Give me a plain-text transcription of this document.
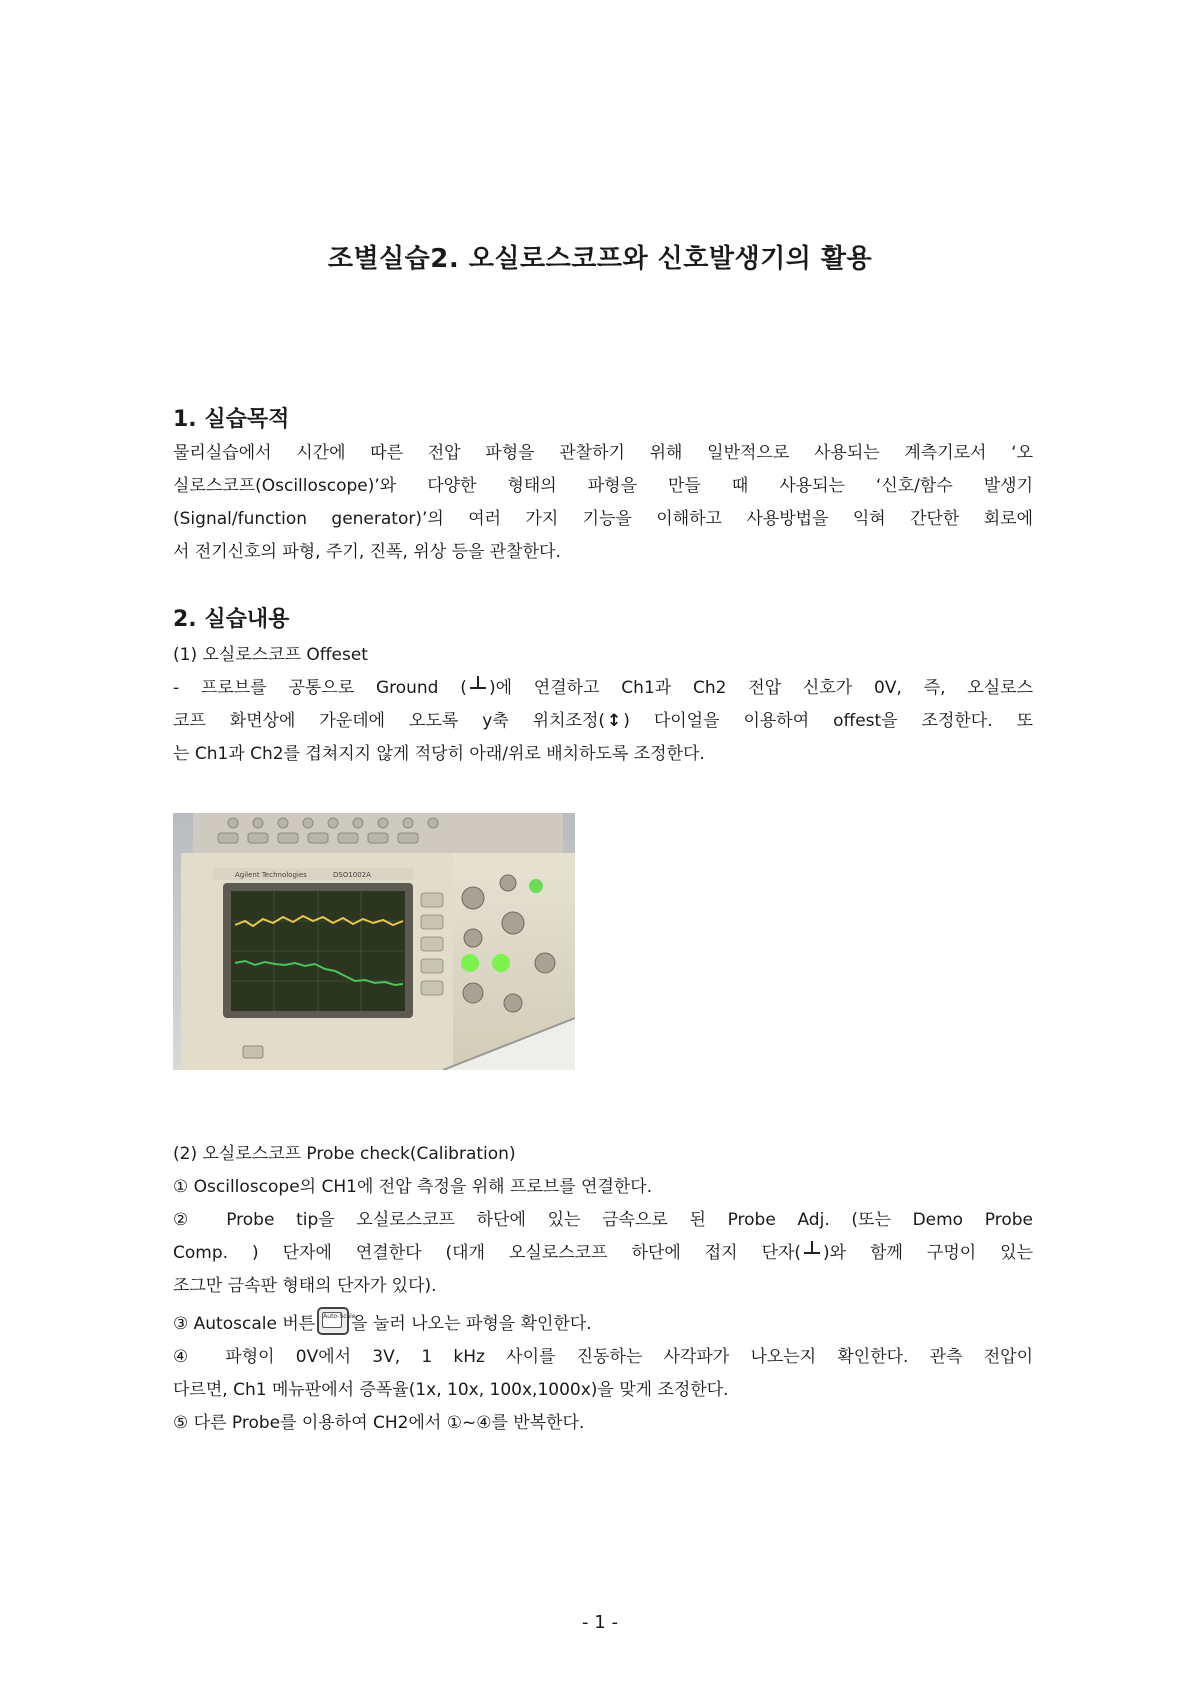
조별실습2. 오실로스코프와 신호발생기의 활용
1. 실습목적
물리실습에서 시간에 따른 전압 파형을 관찰하기 위해 일반적으로 사용되는 계측기로서 ‘오
실로스코프(Oscilloscope)’와 다양한 형태의 파형을 만들 때 사용되는 ‘신호/함수 발생기
(Signal/function generator)’의 여러 가지 기능을 이해하고 사용방법을 익혀 간단한 회로에
서 전기신호의 파형, 주기, 진폭, 위상 등을 관찰한다.
2. 실습내용
(1) 오실로스코프 Offeset
- 프로브를 공통으로 Ground ( )에 연결하고 Ch1과 Ch2 전압 신호가 0V, 즉, 오실로스
코프 화면상에 가운데에 오도록 y축 위치조정( ↕ ) 다이얼을 이용하여 offest을 조정한다. 또
는 Ch1과 Ch2를 겹쳐지지 않게 적당히 아래/위로 배치하도록 조정한다.
Agilent Technologies	DSO1002A
(2) 오실로스코프 Probe check(Calibration)
① Oscilloscope의 CH1에 전압 측정을 위해 프로브를 연결한다.
② Probe tip을 오실로스코프 하단에 있는 금속으로 된 Probe Adj. (또는 Demo Probe
Comp. ) 단자에 연결한다 (대개 오실로스코프 하단에 접지 단자( )와 함께 구멍이 있는
조그만 금속판 형태의 단자가 있다).
③ Autoscale 버튼 Auto-Scale
을 눌러 나오는 파형을 확인한다.
④ 파형이 0V에서 3V, 1 kHz 사이를 진동하는 사각파가 나오는지 확인한다. 관측 전압이
다르면, Ch1 메뉴판에서 증폭율(1x, 10x, 100x,1000x)을 맞게 조정한다.
⑤ 다른 Probe를 이용하여 CH2에서 ①~④를 반복한다.
- 1 -
